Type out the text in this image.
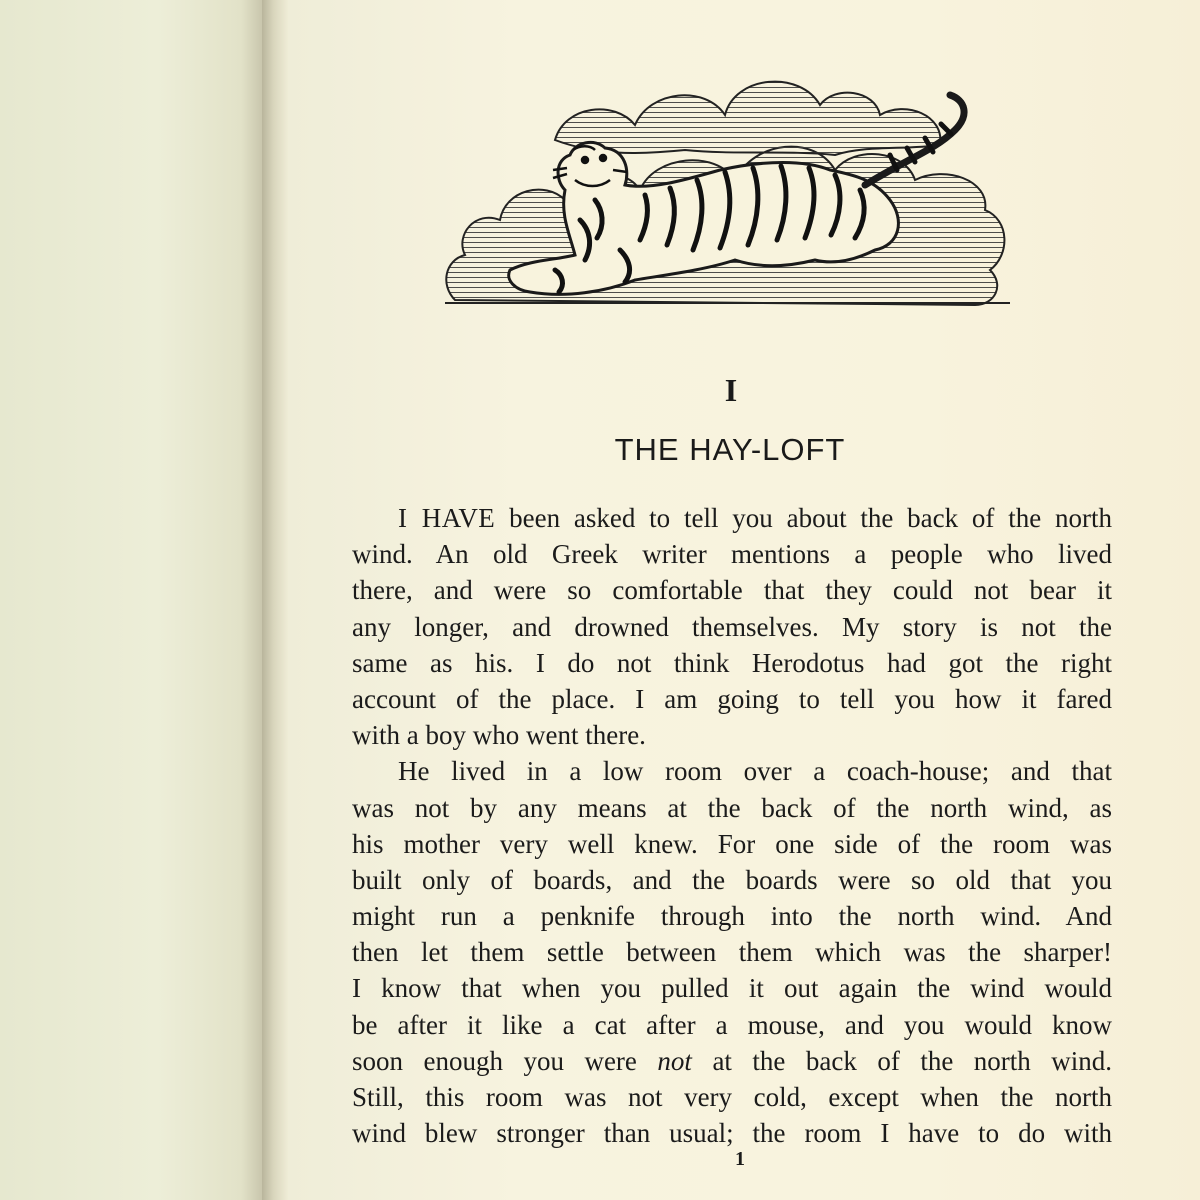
I
THE HAY-LOFT
I HAVE been asked to tell you about the back of the north
wind. An old Greek writer mentions a people who lived
there, and were so comfortable that they could not bear it
any longer, and drowned themselves. My story is not the
same as his. I do not think Herodotus had got the right
account of the place. I am going to tell you how it fared
with a boy who went there.
He lived in a low room over a coach-house; and that
was not by any means at the back of the north wind, as
his mother very well knew. For one side of the room was
built only of boards, and the boards were so old that you
might run a penknife through into the north wind. And
then let them settle between them which was the sharper!
I know that when you pulled it out again the wind would
be after it like a cat after a mouse, and you would know
soon enough you were not at the back of the north wind.
Still, this room was not very cold, except when the north
wind blew stronger than usual; the room I have to do with
1
